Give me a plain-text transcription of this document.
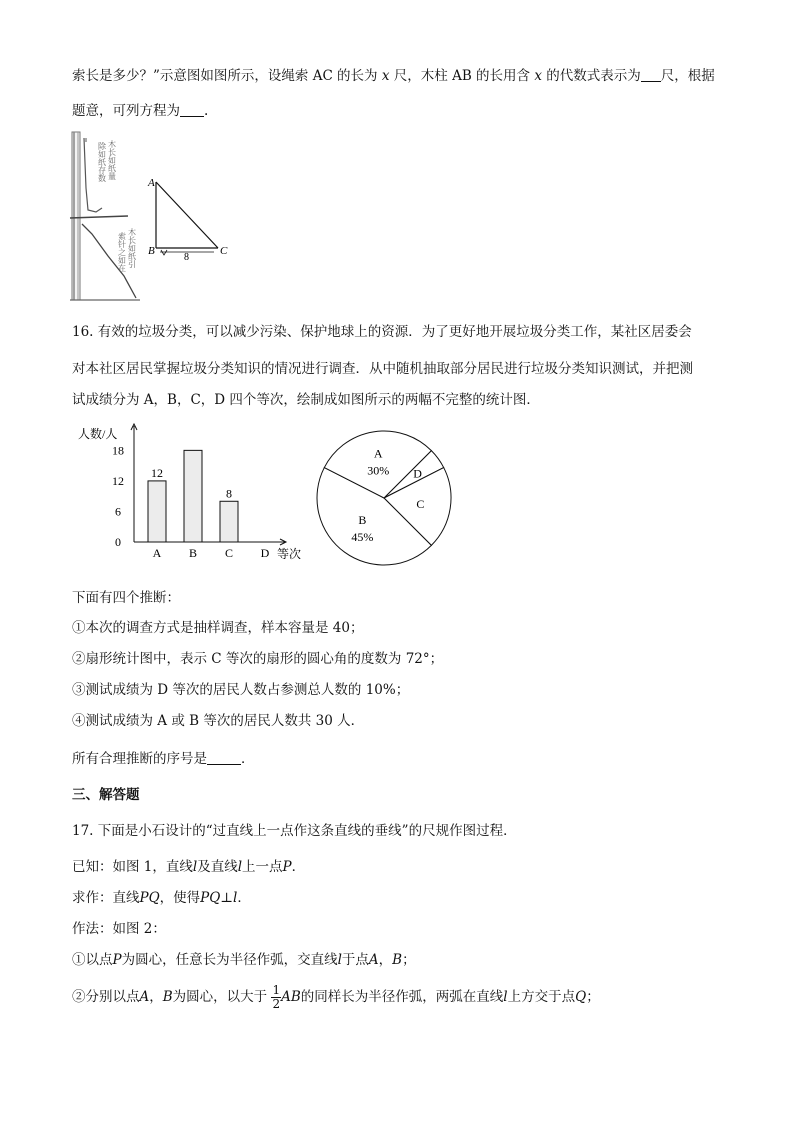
索长是多少？”示意图如图所示，设绳索 AC 的长为 x 尺，木柱 AB 的长用含 x 的代数式表示为 尺，根据
题意，可列方程为 .
木长如纸量
除如纸存数
木长如纸引
索针之如在
A
B	C
8
16. 有效的垃圾分类，可以减少污染、保护地球上的资源．为了更好地开展垃圾分类工作，某社区居委会
对本社区居民掌握垃圾分类知识的情况进行调查．从中随机抽取部分居民进行垃圾分类知识测试，并把测
试成绩分为 A，B，C，D 四个等次，绘制成如图所示的两幅不完整的统计图．
人数/人
等次
0
6
12
18
12
A B
8
C D
D
C
B
45%
A
30%
下面有四个推断：
①本次的调查方式是抽样调查，样本容量是 40；
②扇形统计图中，表示 C 等次的扇形的圆心角的度数为 72°；
③测试成绩为 D 等次的居民人数占参测总人数的 10%；
④测试成绩为 A 或 B 等次的居民人数共 30 人．
所有合理推断的序号是	．
三、解答题
17. 下面是小石设计的“过直线上一点作这条直线的垂线”的尺规作图过程．
已知：如图 1，直线l及直线l上一点P．
求作：直线PQ，使得PQ⊥l．
作法：如图 2：
①以点P为圆心，任意长为半径作弧，交直线l于点A，B；
②分别以点A，B为圆心，以大于 $\frac{1}{2}$ AB的同样长为半径作弧，两弧在直线l上方交于点Q；
